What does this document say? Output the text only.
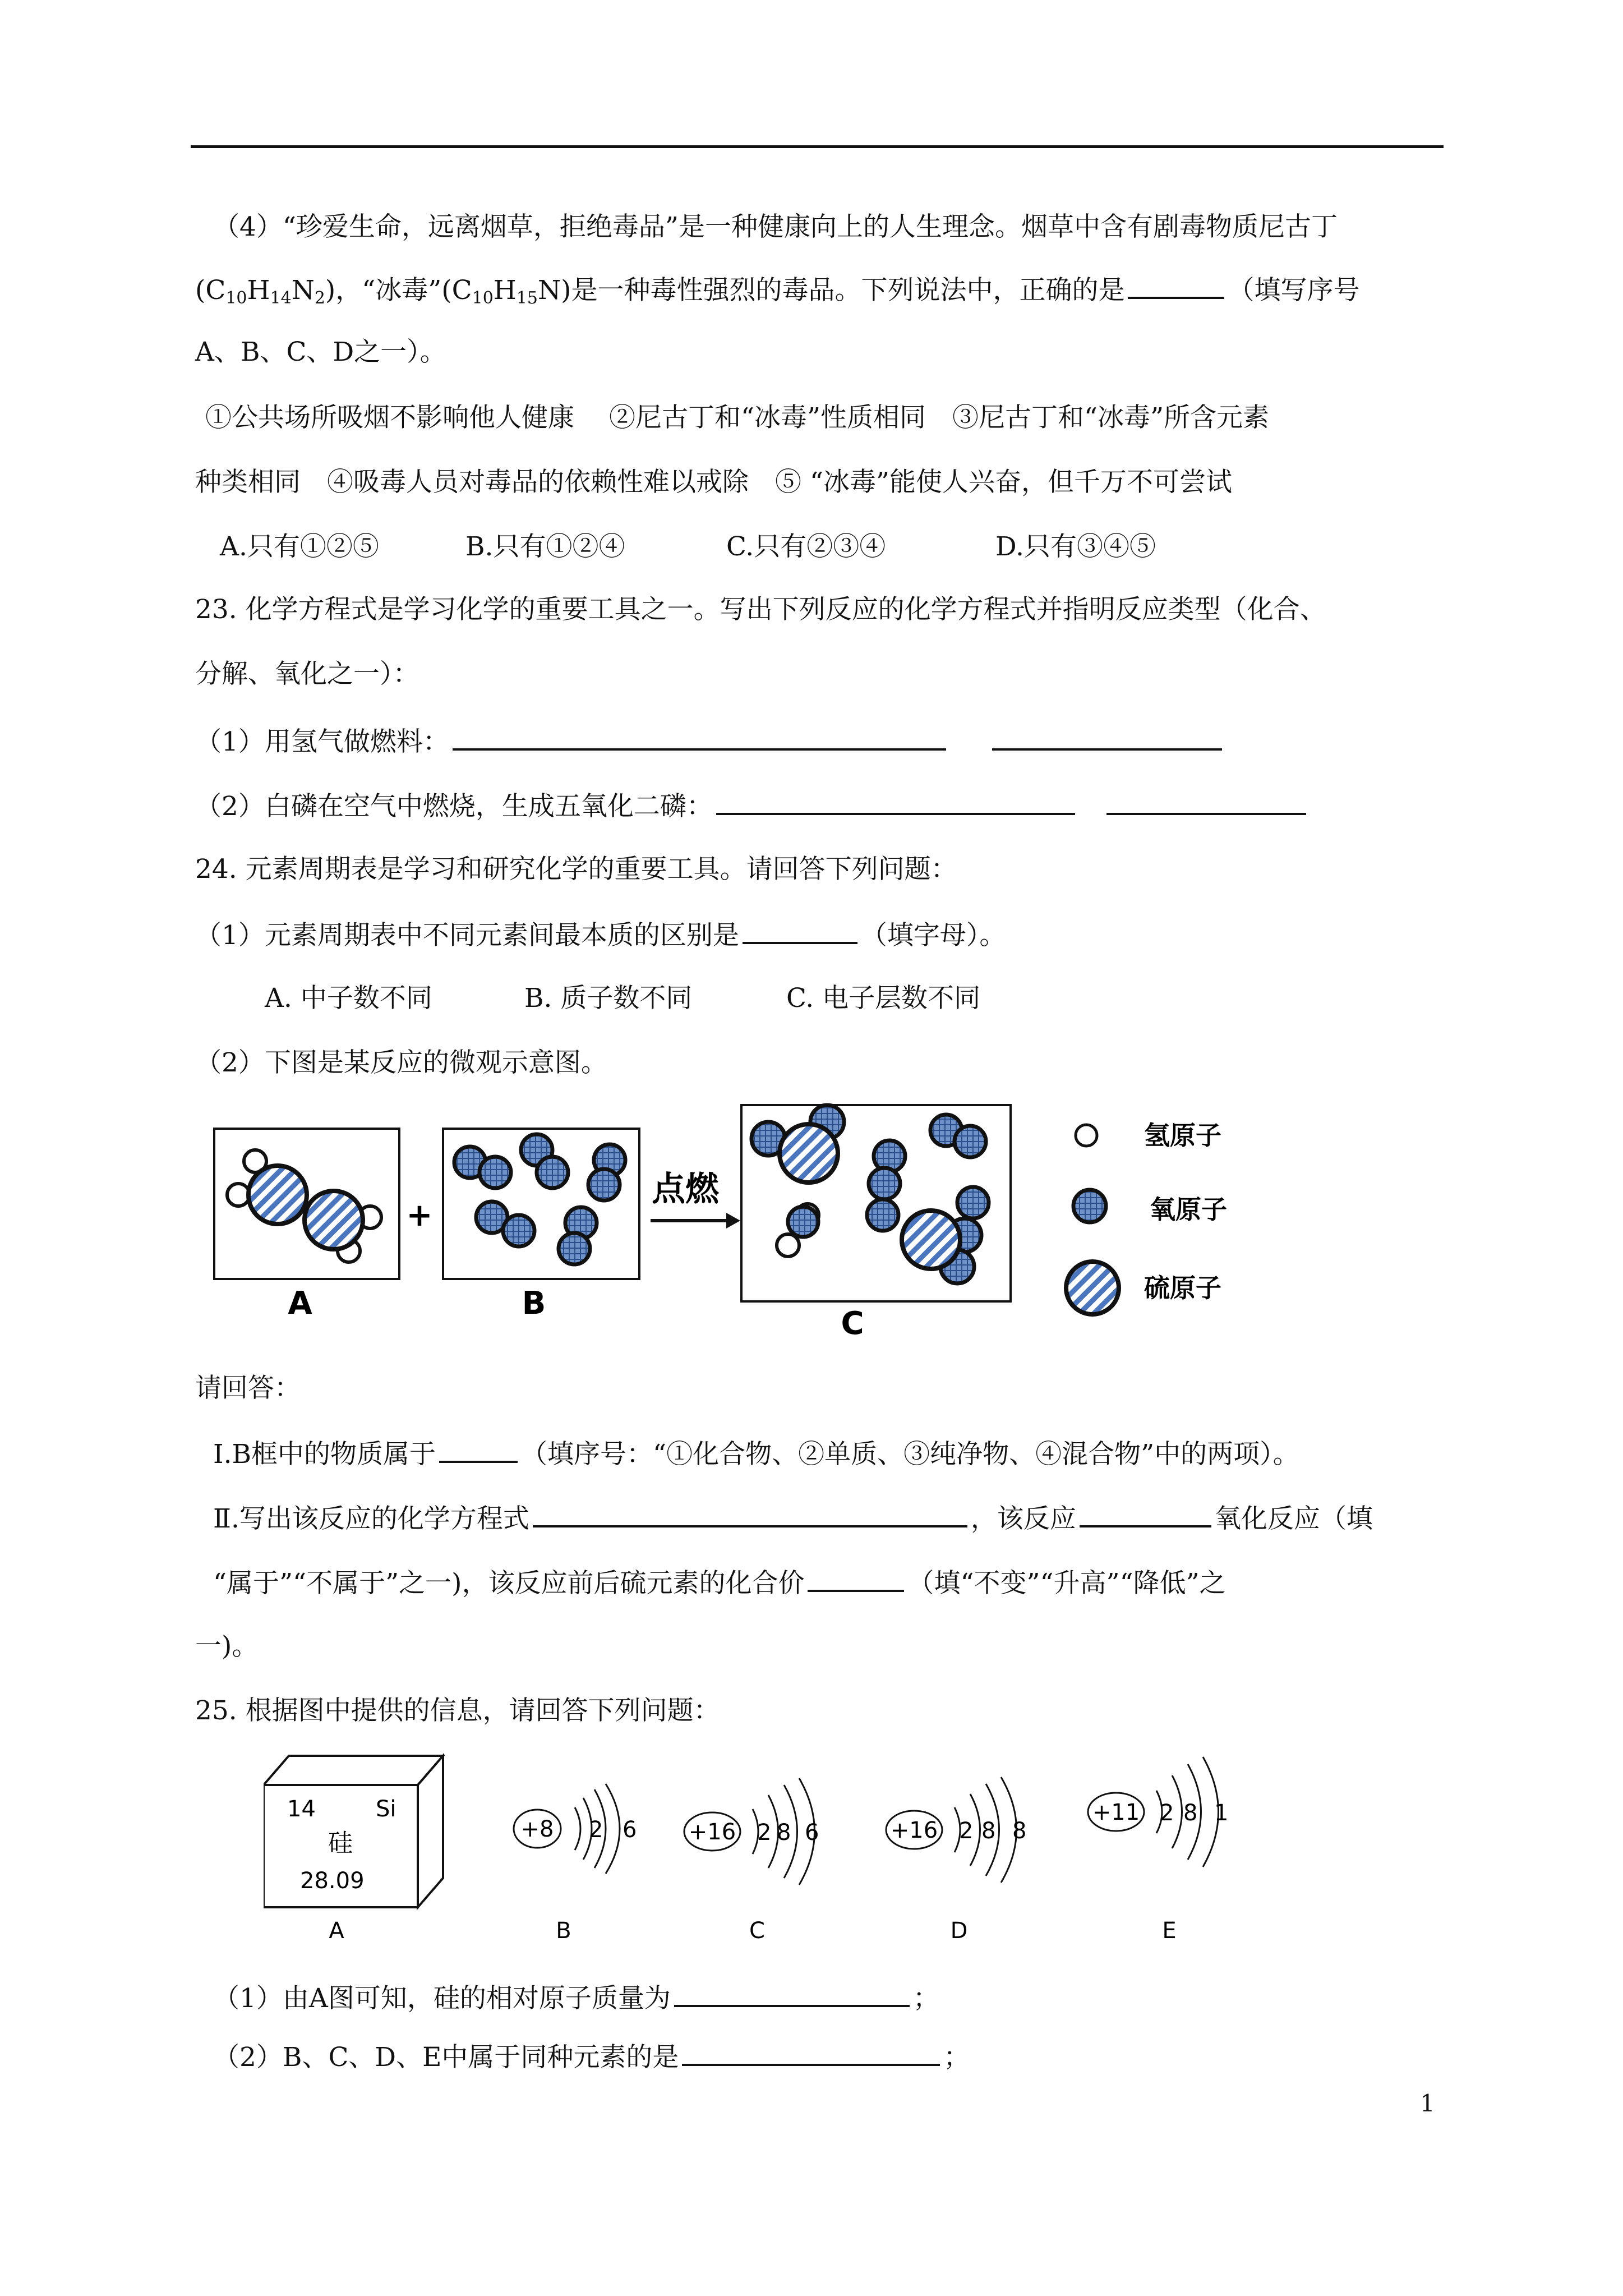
（4）“珍爱生命，远离烟草，拒绝毒品”是一种健康向上的人生理念。烟草中含有剧毒物质尼古丁
$(C_{10}H_{14}N_2)$，“冰毒$”(C_{10}H_{15}N)$是一种毒性强烈的毒品。下列说法中，正确的是	（填写序号
A、B、C、D之一）。
①公共场所吸烟不影响他人健康　 ②尼古丁和“冰毒”性质相同　③尼古丁和“冰毒”所含元素
种类相同　④吸毒人员对毒品的依赖性难以戒除　⑤ “冰毒”能使人兴奋，但千万不可尝试
A.只有①②⑤	B.只有①②④	C.只有②③④	D.只有③④⑤
23. 化学方程式是学习化学的重要工具之一。写出下列反应的化学方程式并指明反应类型（化合、
分解、氧化之一）：
（1）用氢气做燃料：
（2）白磷在空气中燃烧，生成五氧化二磷：
24. 元素周期表是学习和研究化学的重要工具。请回答下列问题：
（1）元素周期表中不同元素间最本质的区别是	（填字母）。
A. 中子数不同	B. 质子数不同	C. 电子层数不同
（2）下图是某反应的微观示意图。
A
+
B
点燃
C
氢原子
氧原子
硫原子
请回答：
Ⅰ.B框中的物质属于	（填序号：“①化合物、②单质、③纯净物、④混合物”中的两项）。
Ⅱ.写出该反应的化学方程式	，该反应	氧化反应（填
“属于”“不属于”之一)，该反应前后硫元素的化合价	（填“不变”“升高”“降低”之
一)。
25. 根据图中提供的信息，请回答下列问题：
14	Si
硅
28.09
A
+8 2 6
B
+16 2 8 6
C
+16 2 8 8
D
+11 2 8 1
E
（1）由A图可知，硅的相对原子质量为	；
（2）B、C、D、E中属于同种元素的是	；
1
